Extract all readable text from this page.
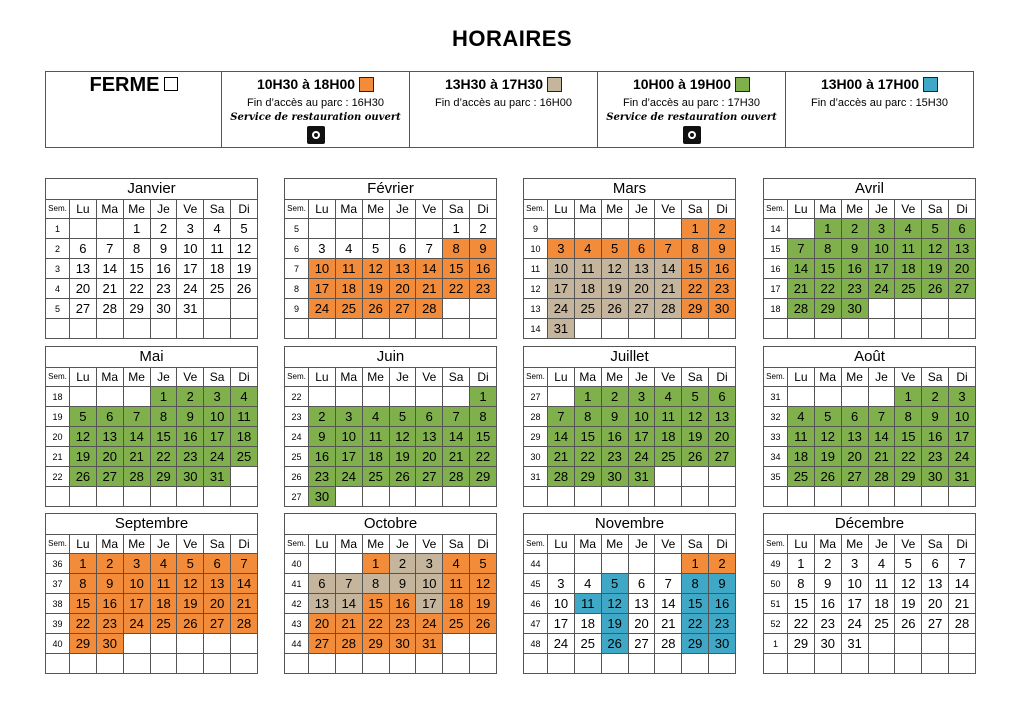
HORAIRES
FERME	10H30 à 18H00
Fin d’accès au parc : 16H30
Service de restauration ouvert
13H30 à 17H30
Fin d’accès au parc : 16H00
10H00 à 19H00
Fin d’accès au parc : 17H30
Service de restauration ouvert
13H00 à 17H00
Fin d’accès au parc : 15H30
Janvier
Sem.	Lu	Ma	Me	Je	Ve	Sa	Di
1			1	2	3	4	5
2	6	7	8	9	10	11	12
3	13	14	15	16	17	18	19
4	20	21	22	23	24	25	26
5	27	28	29	30	31		

Février
Sem.	Lu	Ma	Me	Je	Ve	Sa	Di
5						1	2
6	3	4	5	6	7	8	9
7	10	11	12	13	14	15	16
8	17	18	19	20	21	22	23
9	24	25	26	27	28		

Mars
Sem.	Lu	Ma	Me	Je	Ve	Sa	Di
9						1	2
10	3	4	5	6	7	8	9
11	10	11	12	13	14	15	16
12	17	18	19	20	21	22	23
13	24	25	26	27	28	29	30
14	31						
Avril
Sem.	Lu	Ma	Me	Je	Ve	Sa	Di
14		1	2	3	4	5	6
15	7	8	9	10	11	12	13
16	14	15	16	17	18	19	20
17	21	22	23	24	25	26	27
18	28	29	30				

Mai
Sem.	Lu	Ma	Me	Je	Ve	Sa	Di
18				1	2	3	4
19	5	6	7	8	9	10	11
20	12	13	14	15	16	17	18
21	19	20	21	22	23	24	25
22	26	27	28	29	30	31	

Juin
Sem.	Lu	Ma	Me	Je	Ve	Sa	Di
22							1
23	2	3	4	5	6	7	8
24	9	10	11	12	13	14	15
25	16	17	18	19	20	21	22
26	23	24	25	26	27	28	29
27	30						
Juillet
Sem.	Lu	Ma	Me	Je	Ve	Sa	Di
27		1	2	3	4	5	6
28	7	8	9	10	11	12	13
29	14	15	16	17	18	19	20
30	21	22	23	24	25	26	27
31	28	29	30	31			

Août
Sem.	Lu	Ma	Me	Je	Ve	Sa	Di
31					1	2	3
32	4	5	6	7	8	9	10
33	11	12	13	14	15	16	17
34	18	19	20	21	22	23	24
35	25	26	27	28	29	30	31

Septembre
Sem.	Lu	Ma	Me	Je	Ve	Sa	Di
36	1	2	3	4	5	6	7
37	8	9	10	11	12	13	14
38	15	16	17	18	19	20	21
39	22	23	24	25	26	27	28
40	29	30					

Octobre
Sem.	Lu	Ma	Me	Je	Ve	Sa	Di
40			1	2	3	4	5
41	6	7	8	9	10	11	12
42	13	14	15	16	17	18	19
43	20	21	22	23	24	25	26
44	27	28	29	30	31		

Novembre
Sem.	Lu	Ma	Me	Je	Ve	Sa	Di
44						1	2
45	3	4	5	6	7	8	9
46	10	11	12	13	14	15	16
47	17	18	19	20	21	22	23
48	24	25	26	27	28	29	30

Décembre
Sem.	Lu	Ma	Me	Je	Ve	Sa	Di
49	1	2	3	4	5	6	7
50	8	9	10	11	12	13	14
51	15	16	17	18	19	20	21
52	22	23	24	25	26	27	28
1	29	30	31				
